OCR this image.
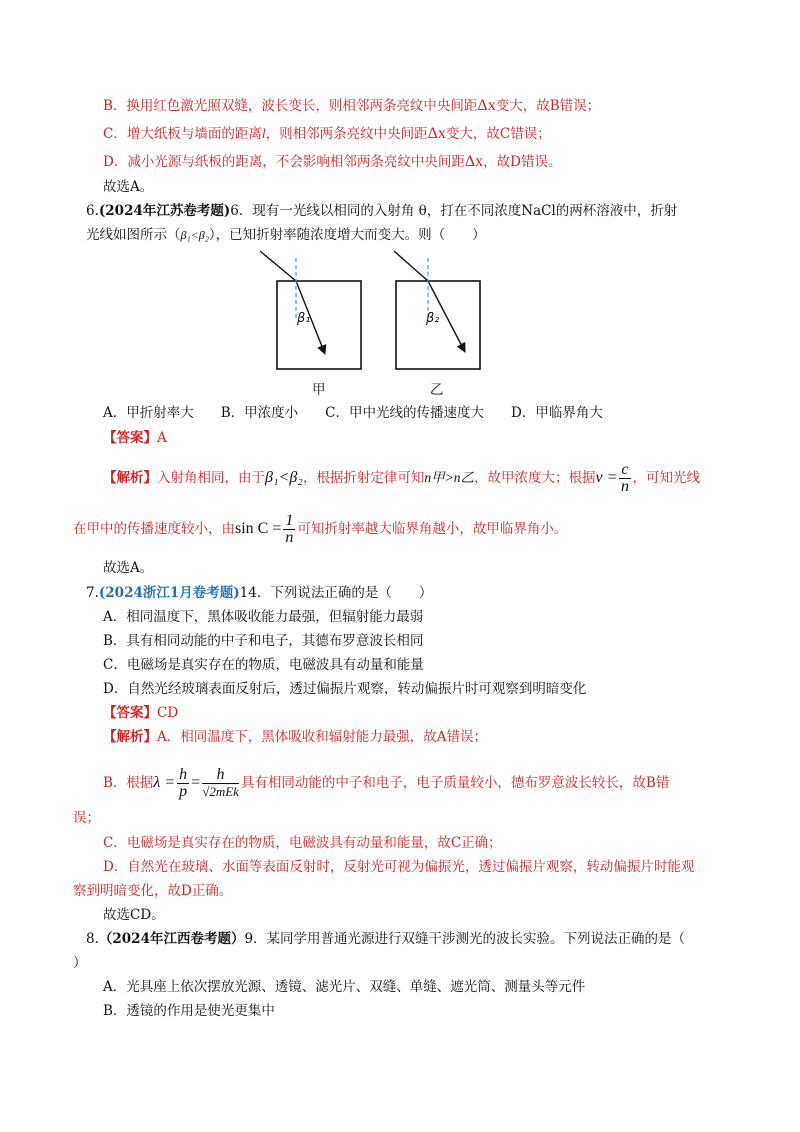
B．换用红色激光照双缝，波长变长，则相邻两条亮纹中央间距Δx变大，故B错误；
C．增大纸板与墙面的距离l，则相邻两条亮纹中央间距Δx变大，故C错误；
D．减小光源与纸板的距离，不会影响相邻两条亮纹中央间距Δx，故D错误。
故选A。
6.(2024年江苏卷考题)6．现有一光线以相同的入射角 θ，打在不同浓度NaCl的两杯溶液中，折射
光线如图所示（β₁<β₂），已知折射率随浓度增大而变大。则（　　）
β₁	β₂
甲	乙
A．甲折射率大　　B．甲浓度小　　C．甲中光线的传播速度大　　D．甲临界角大
【答案】A
【解析】入射角相同，由于β₁<β₂，根据折射定律可知n甲>n乙，故甲浓度大；根据$v = \frac{c}{n}$ ，可知光线
在甲中的传播速度较小，由$\sin C = \frac{1}{n}$ 可知折射率越大临界角越小，故甲临界角小。
故选A。
7.(2024浙江1月卷考题)14．下列说法正确的是（　　）
A．相同温度下，黑体吸收能力最强，但辐射能力最弱
B．具有相同动能的中子和电子，其德布罗意波长相同
C．电磁场是真实存在的物质，电磁波具有动量和能量
D．自然光经玻璃表面反射后，透过偏振片观察，转动偏振片时可观察到明暗变化
【答案】CD
【解析】A．相同温度下，黑体吸收和辐射能力最强，故A错误；
B．根据$\lambda = \frac{h}{p} = \frac{h}{\text{√2mEk}}$ 具有相同动能的中子和电子，电子质量较小，德布罗意波长较长，故B错
误；
C．电磁场是真实存在的物质，电磁波具有动量和能量，故C正确；
D．自然光在玻璃、水面等表面反射时，反射光可视为偏振光，透过偏振片观察，转动偏振片时能观
察到明暗变化，故D正确。
故选CD。
8.（2024年江西卷考题）9．某同学用普通光源进行双缝干涉测光的波长实验。下列说法正确的是（
）
A．光具座上依次摆放光源、透镜、滤光片、双缝、单缝、遮光筒、测量头等元件
B．透镜的作用是使光更集中
